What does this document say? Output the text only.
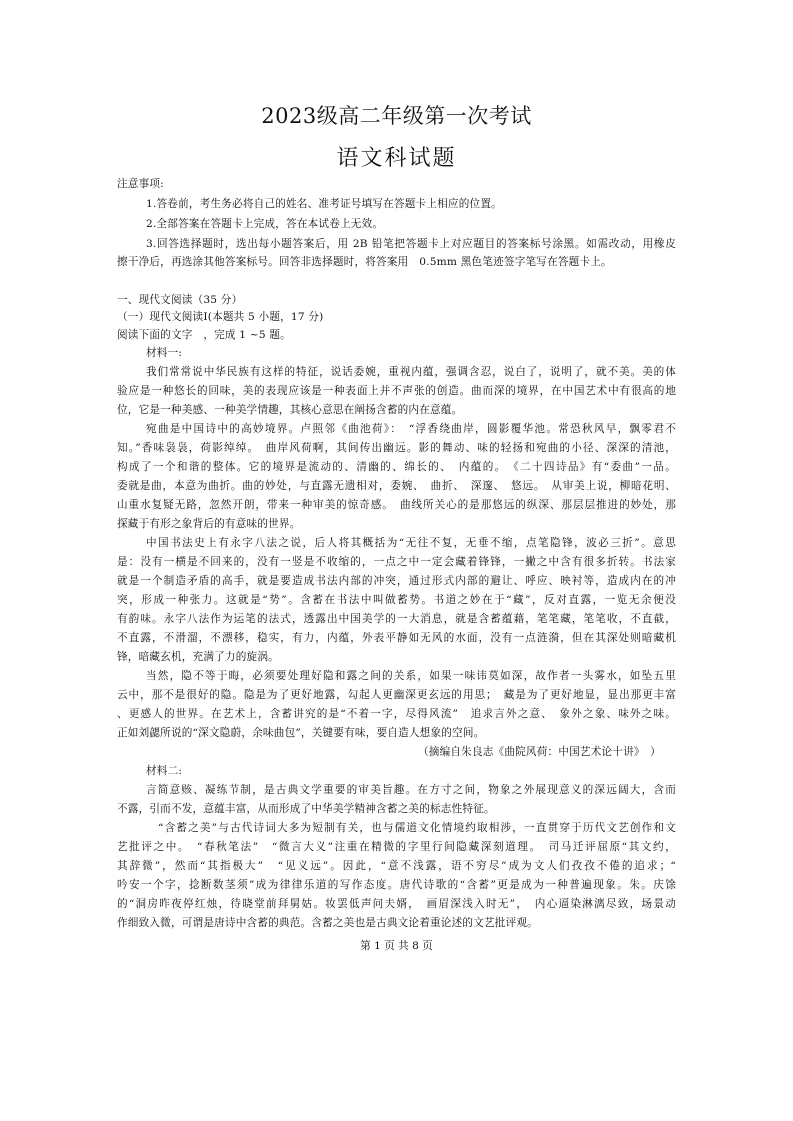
2023级高二年级第一次考试
语文科试题
注意事项:
1.答卷前，考生务必将自己的姓名、准考证号填写在答题卡上相应的位置。
2.全部答案在答题卡上完成，答在本试卷上无效。
3.回答选择题时，选出每小题答案后，用 2B 铅笔把答题卡上对应题目的答案标号涂黑。如需改动，用橡皮
擦干净后，再选涂其他答案标号。回答非选择题时，将答案用　0.5mm 黑色笔迹签字笔写在答题卡上。
一、现代文阅读（35 分）
（一）现代文阅读Ⅰ(本题共 5 小题，17 分)
阅读下面的文字　，完成 1 ~5 题。
材料一:
我们常常说中华民族有这样的特征，说话委婉，重视内蕴，强调含忍，说白了，说明了，就不美。美的体
验应是一种悠长的回味，美的表现应该是一种表面上并不声张的创造。曲而深的境界，在中国艺术中有很高的地
位，它是一种美感、一种美学情趣，其核心意思在阐扬含蓄的内在意蕴。
宛曲是中国诗中的高妙境界。卢照邻《曲池荷》：　“浮香绕曲岸，圆影覆华池。常恐秋风早，飘零君不
知。”香味袅袅，荷影绰绰。　曲岸风荷啊，其间传出幽远。影的舞动、味的轻扬和宛曲的小径、深深的清池，
构成了一个和谐的整体。它的境界是流动的、清幽的、绵长的、　内蕴的。　《二十四诗品》有“委曲”一品。
委就是曲，本意为曲折。曲的妙处，与直露无遗相对，委婉、　曲折、　深邃、　悠远。　从审美上说，柳暗花明、
山重水复疑无路，忽然开朗，带来一种审美的惊奇感。　曲线所关心的是那悠远的纵深、那层层推进的妙处，那
探藏于有形之象背后的有意味的世界。
中国书法史上有永字八法之说，后人将其概括为“无往不复，无垂不缩，点笔隐锋，波必三折”。意思
是：没有一横是不回来的，没有一竖是不收缩的，一点之中一定会藏着锋锋，一撇之中含有很多折转。书法家
就是一个制造矛盾的高手，就是要造成书法内部的冲突，通过形式内部的避让、呼应、映衬等，造成内在的冲
突，形成一种张力。这就是“势”。含蓄在书法中叫做蓄势。书道之妙在于“藏”，反对直露，一览无余便没
有韵味。永字八法作为运笔的法式，透露出中国美学的一大消息，就是含蓄蕴藉，笔笔藏，笔笔收，不直截，
不直露，不滑溜，不漂移，稳实，有力，内蕴，外表平静如无风的水面，没有一点涟漪，但在其深处则暗藏机
锋，暗藏玄机，充满了力的旋涡。
当然，隐不等于晦，必须要处理好隐和露之间的关系，如果一味讳莫如深，故作者一头雾水，如坠五里
云中，那不是很好的隐。隐是为了更好地露，勾起人更幽深更玄远的用思；　藏是为了更好地显，显出那更丰富
、更感人的世界。在艺术上，含蓄讲究的是“不着一字，尽得风流”　追求言外之意、　象外之象、味外之味。
正如刘勰所说的“深文隐蔚，余味曲包”，关键要有味，要自造人想象的空间。
（摘编自朱良志《曲院风荷：中国艺术论十讲》　）
材料二:
言简意赅、凝练节制，是古典文学重要的审美旨趣。在方寸之间，物象之外展现意义的深远阔大，含而
不露，引而不发，意蕴丰富，从而形成了中华美学精神含蓄之美的标志性特征。
“含蓄之美”与古代诗词大多为短制有关，也与儒道文化情境约取相涉，一直贯穿于历代文艺创作和文
艺批评之中。　“春秋笔法”　“微言大义”注重在精微的字里行间隐藏深刻道理。　司马迁评屈原“其文约，
其辞微”，然而“其指极大”　“见义远”。因此，“意不浅露，语不穷尽”成为文人们孜孜不倦的追求；“
吟安一个字，捻断数茎须”成为律律乐道的写作态度。唐代诗歌的“含蓄”更是成为一种普遍现象。朱。庆馀
的“洞房昨夜停红烛，待晓堂前拜舅姑。妆罢低声问夫婿，　画眉深浅入时无”，　内心逼染淋漓尽致，场景动
作细致入微，可谓是唐诗中含蓄的典范。含蓄之美也是古典文论着重论述的文艺批评观。
第 1 页 共 8 页
